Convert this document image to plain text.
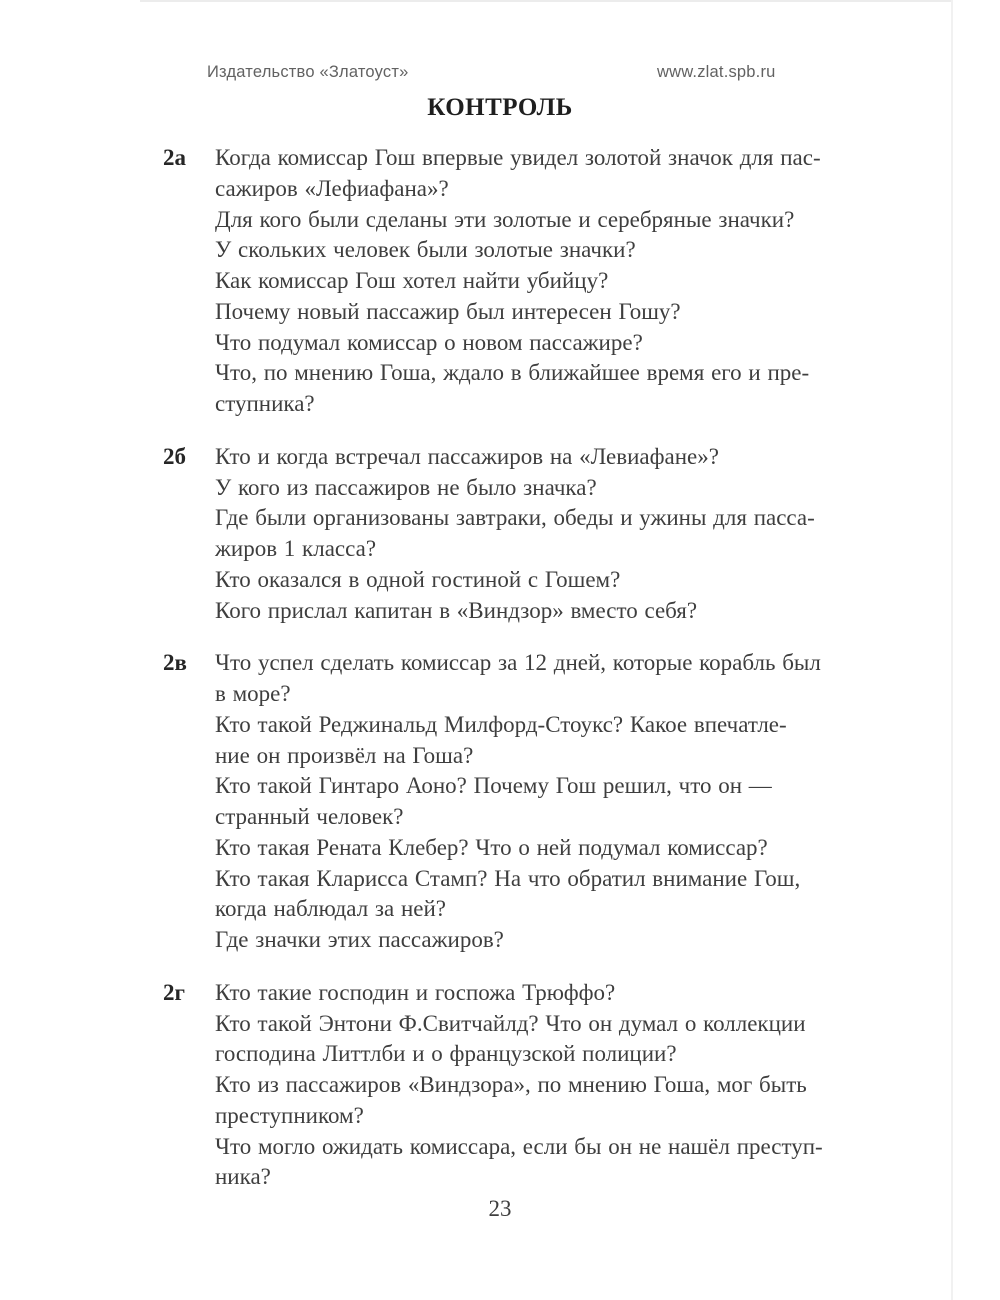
Издательство «Златоуст»	www.zlat.spb.ru
КОНТРОЛЬ
2а	Когда комиссар Гош впервые увидел золотой значок для пас-
сажиров «Лефиафана»?
Для кого были сделаны эти золотые и серебряные значки?
У скольких человек были золотые значки?
Как комиссар Гош хотел найти убийцу?
Почему новый пассажир был интересен Гошу?
Что подумал комиссар о новом пассажире?
Что, по мнению Гоша, ждало в ближайшее время его и пре-
ступника?
2б	Кто и когда встречал пассажиров на «Левиафане»?
У кого из пассажиров не было значка?
Где были организованы завтраки, обеды и ужины для пасса-
жиров 1 класса?
Кто оказался в одной гостиной с Гошем?
Кого прислал капитан в «Виндзор» вместо себя?
2в	Что успел сделать комиссар за 12 дней, которые корабль был
в море?
Кто такой Реджинальд Милфорд-Стоукс? Какое впечатле-
ние он произвёл на Гоша?
Кто такой Гинтаро Аоно? Почему Гош решил, что он —
странный человек?
Кто такая Рената Клебер? Что о ней подумал комиссар?
Кто такая Кларисса Стамп? На что обратил внимание Гош,
когда наблюдал за ней?
Где значки этих пассажиров?
2г	Кто такие господин и госпожа Трюффо?
Кто такой Энтони Ф.Свитчайлд? Что он думал о коллекции
господина Литтлби и о французской полиции?
Кто из пассажиров «Виндзора», по мнению Гоша, мог быть
преступником?
Что могло ожидать комиссара, если бы он не нашёл преступ-
ника?
23
